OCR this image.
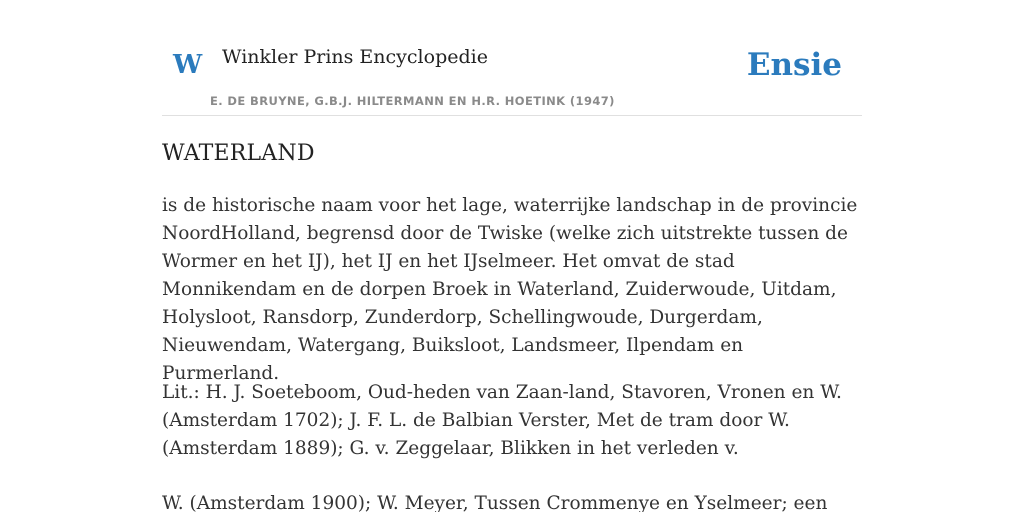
W Winkler Prins Encyclopedie
E. DE BRUYNE, G.B.J. HILTERMANN EN H.R. HOETINK (1947)
Ensie
WATERLAND

is de historische naam voor het lage, waterrijke landschap in de provincie NoordHolland, begrensd door de Twiske (welke zich uitstrekte tussen de Wormer en het IJ), het IJ en het IJselmeer. Het omvat de stad Monnikendam en de dorpen Broek in Waterland, Zuiderwoude, Uitdam, Holysloot, Ransdorp, Zunderdorp, Schellingwoude, Durgerdam, Nieuwendam, Watergang, Buiksloot, Landsmeer, Ilpendam en Purmerland.

Lit.: H. J. Soeteboom, Oud-heden van Zaan-land, Stavoren, Vronen en W. (Amsterdam 1702); J. F. L. de Balbian Verster, Met de tram door W. (Amsterdam 1889); G. v. Zeggelaar, Blikken in het verleden v.

W. (Amsterdam 1900); W. Meyer, Tussen Crommenye en Yselmeer; een
